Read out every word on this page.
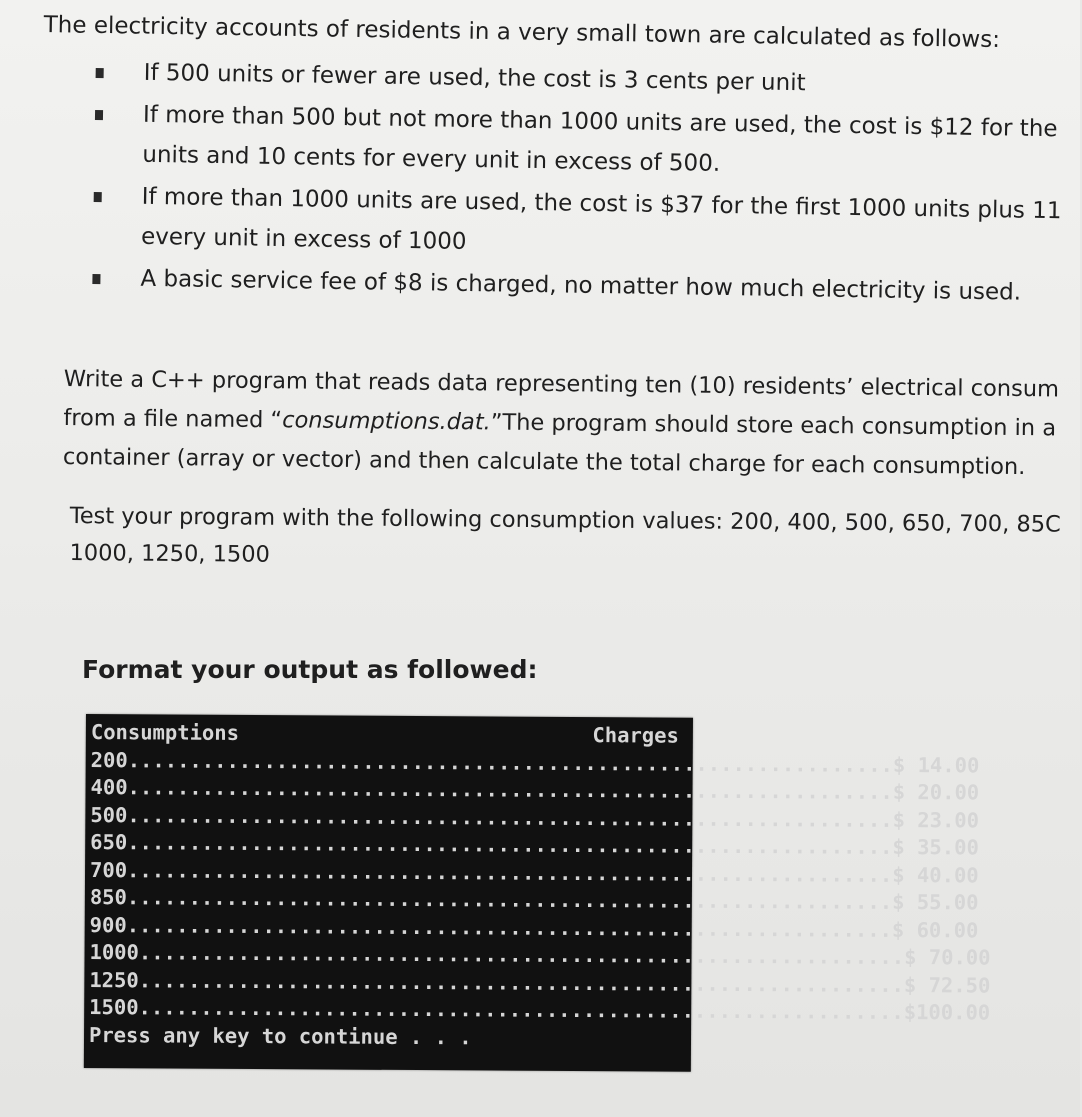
The electricity accounts of residents in a very small town are calculated as follows:
If 500 units or fewer are used, the cost is 3 cents per unit
If more than 500 but not more than 1000 units are used, the cost is $12 for the
units and 10 cents for every unit in excess of 500.
If more than 1000 units are used, the cost is $37 for the first 1000 units plus 11
every unit in excess of 1000
A basic service fee of $8 is charged, no matter how much electricity is used.
Write a C++ program that reads data representing ten (10) residents’ electrical consum
from a file named “consumptions.dat.”The program should store each consumption in a
container (array or vector) and then calculate the total charge for each consumption.
Test your program with the following consumption values: 200, 400, 500, 650, 700, 85C
1000, 1250, 1500
Format your output as followed:
Consumptions	Charges
200 .............................................................. $ 14.00
400 .............................................................. $ 20.00
500 .............................................................. $ 23.00
650 .............................................................. $ 35.00
700 .............................................................. $ 40.00
850 .............................................................. $ 55.00
900 .............................................................. $ 60.00
1000 .............................................................. $ 70.00
1250 .............................................................. $ 72.50
1500 .............................................................. $100.00
Press any key to continue . . .
